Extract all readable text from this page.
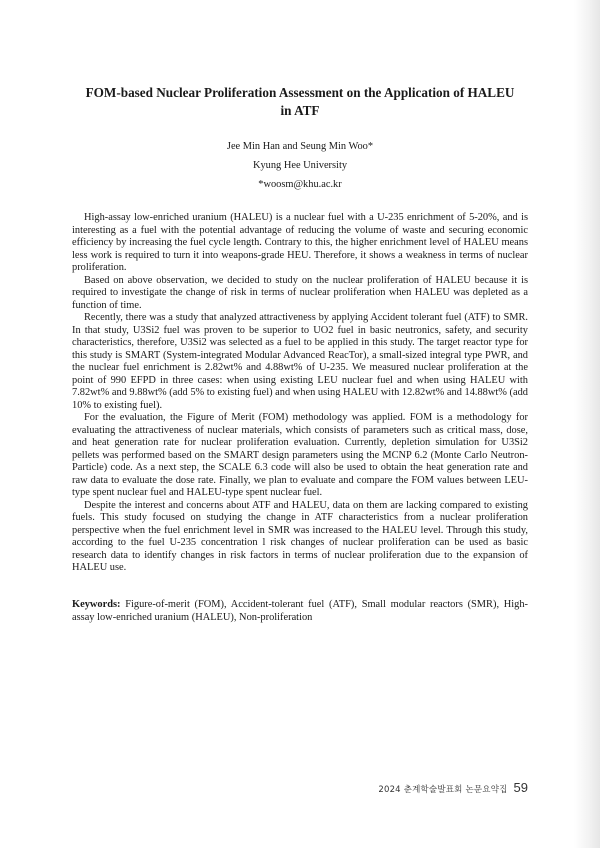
FOM-based Nuclear Proliferation Assessment on the Application of HALEU in ATF

Jee Min Han and Seung Min Woo*

Kyung Hee University

*woosm@khu.ac.kr

High-assay low-enriched uranium (HALEU) is a nuclear fuel with a U-235 enrichment of 5-20%, and is interesting as a fuel with the potential advantage of reducing the volume of waste and securing economic efficiency by increasing the fuel cycle length. Contrary to this, the higher enrichment level of HALEU means less work is required to turn it into weapons-grade HEU. Therefore, it shows a weakness in terms of nuclear proliferation.

Based on above observation, we decided to study on the nuclear proliferation of HALEU because it is required to investigate the change of risk in terms of nuclear proliferation when HALEU was depleted as a function of time.

Recently, there was a study that analyzed attractiveness by applying Accident tolerant fuel (ATF) to SMR. In that study, U3Si2 fuel was proven to be superior to UO2 fuel in basic neutronics, safety, and security characteristics, therefore, U3Si2 was selected as a fuel to be applied in this study. The target reactor type for this study is SMART (System-integrated Modular Advanced ReacTor), a small-sized integral type PWR, and the nuclear fuel enrichment is 2.82wt% and 4.88wt% of U-235. We measured nuclear proliferation at the point of 990 EFPD in three cases: when using existing LEU nuclear fuel and when using HALEU with 7.82wt% and 9.88wt% (add 5% to existing fuel) and when using HALEU with 12.82wt% and 14.88wt% (add 10% to existing fuel).

For the evaluation, the Figure of Merit (FOM) methodology was applied. FOM is a methodology for evaluating the attractiveness of nuclear materials, which consists of parameters such as critical mass, dose, and heat generation rate for nuclear proliferation evaluation. Currently, depletion simulation for U3Si2 pellets was performed based on the SMART design parameters using the MCNP 6.2 (Monte Carlo Neutron-Particle) code. As a next step, the SCALE 6.3 code will also be used to obtain the heat generation rate and raw data to evaluate the dose rate. Finally, we plan to evaluate and compare the FOM values between LEU-type spent nuclear fuel and HALEU-type spent nuclear fuel.

Despite the interest and concerns about ATF and HALEU, data on them are lacking compared to existing fuels. This study focused on studying the change in ATF characteristics from a nuclear proliferation perspective when the fuel enrichment level in SMR was increased to the HALEU level. Through this study, according to the fuel U-235 concentration l risk changes of nuclear proliferation can be used as basic research data to identify changes in risk factors in terms of nuclear proliferation due to the expansion of HALEU use.

Keywords: Figure-of-merit (FOM), Accident-tolerant fuel (ATF), Small modular reactors (SMR), High-assay low-enriched uranium (HALEU), Non-proliferation

2024 춘계학술발표회 논문요약집 59
